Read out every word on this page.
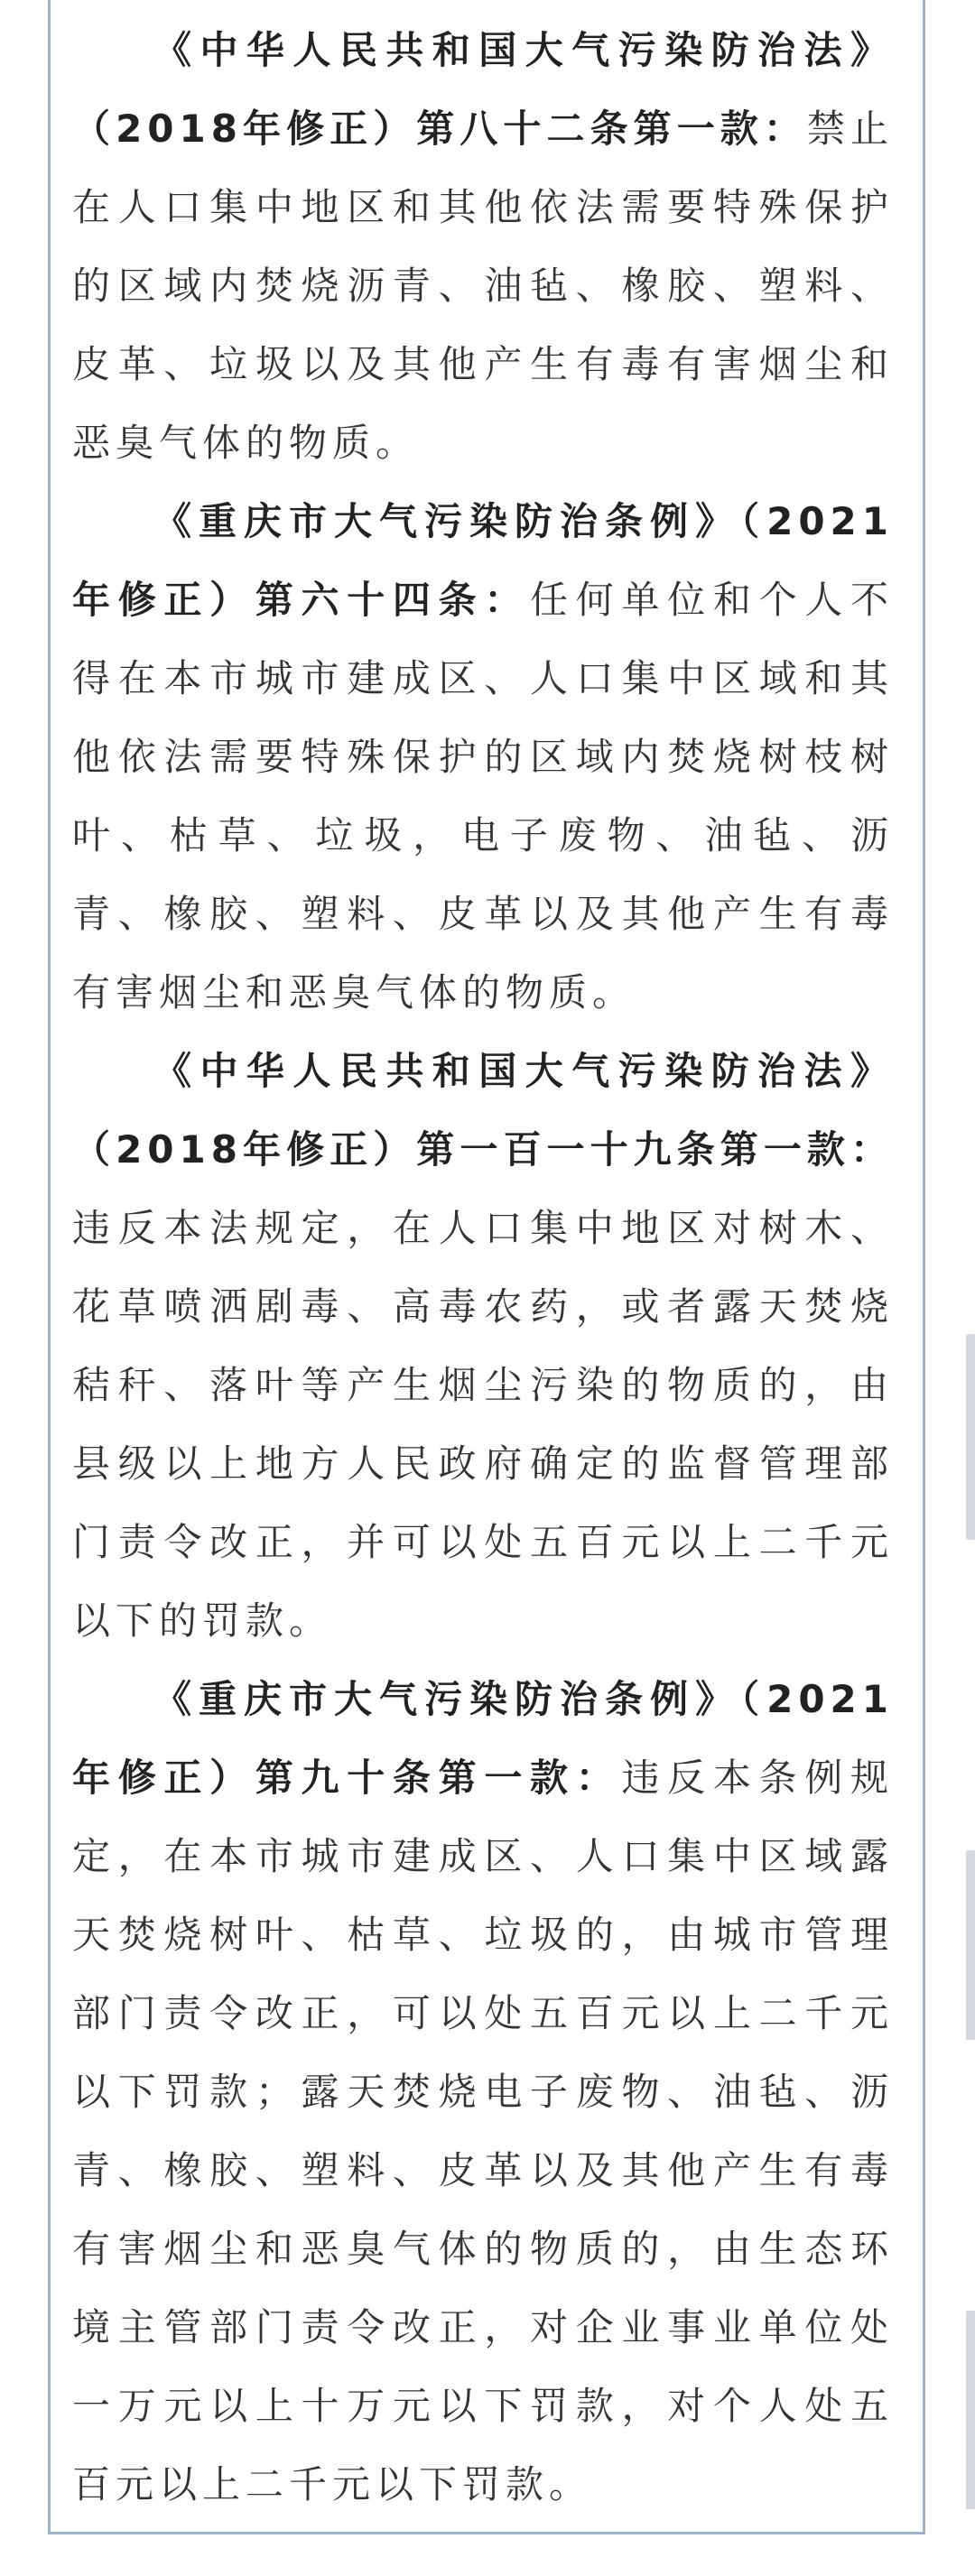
《中华人民共和国大气污染防治法》（2018年修正）第八十二条第一款：禁止在人口集中地区和其他依法需要特殊保护的区域内焚烧沥青、油毡、橡胶、塑料、皮革、垃圾以及其他产生有毒有害烟尘和恶臭气体的物质。

《重庆市大气污染防治条例》（2021年修正）第六十四条：任何单位和个人不得在本市城市建成区、人口集中区域和其他依法需要特殊保护的区域内焚烧树枝树叶、枯草、垃圾，电子废物、油毡、沥青、橡胶、塑料、皮革以及其他产生有毒有害烟尘和恶臭气体的物质。

《中华人民共和国大气污染防治法》（2018年修正）第一百一十九条第一款：违反本法规定，在人口集中地区对树木、花草喷洒剧毒、高毒农药，或者露天焚烧秸秆、落叶等产生烟尘污染的物质的，由县级以上地方人民政府确定的监督管理部门责令改正，并可以处五百元以上二千元以下的罚款。

《重庆市大气污染防治条例》（2021年修正）第九十条第一款：违反本条例规定，在本市城市建成区、人口集中区域露天焚烧树叶、枯草、垃圾的，由城市管理部门责令改正，可以处五百元以上二千元以下罚款；露天焚烧电子废物、油毡、沥青、橡胶、塑料、皮革以及其他产生有毒有害烟尘和恶臭气体的物质的，由生态环境主管部门责令改正，对企业事业单位处一万元以上十万元以下罚款，对个人处五百元以上二千元以下罚款。
